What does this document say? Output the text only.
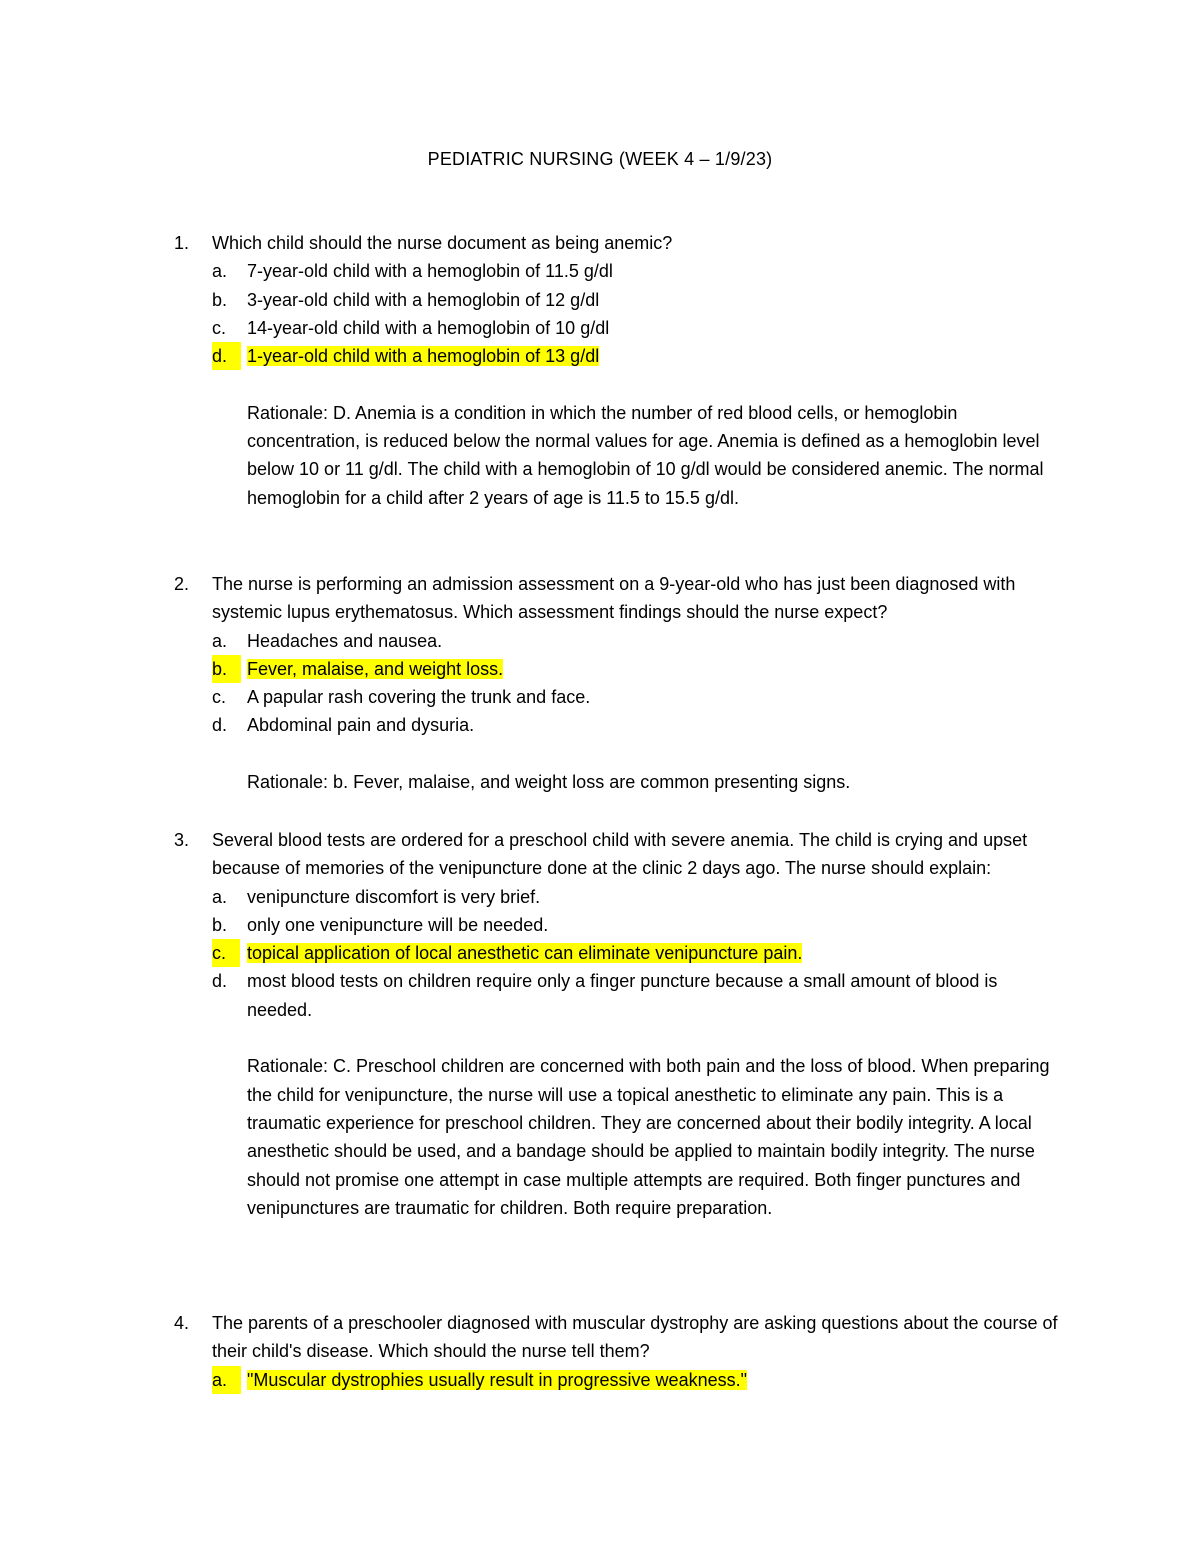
PEDIATRIC NURSING (WEEK 4 – 1/9/23)
1. Which child should the nurse document as being anemic?
a. 7-year-old child with a hemoglobin of 11.5 g/dl
b. 3-year-old child with a hemoglobin of 12 g/dl
c. 14-year-old child with a hemoglobin of 10 g/dl
d.	1-year-old child with a hemoglobin of 13 g/dl
Rationale: D. Anemia is a condition in which the number of red blood cells, or hemoglobin concentration, is reduced below the normal values for age. Anemia is defined as a hemoglobin level below 10 or 11 g/dl. The child with a hemoglobin of 10 g/dl would be considered anemic. The normal hemoglobin for a child after 2 years of age is 11.5 to 15.5 g/dl.
2. The nurse is performing an admission assessment on a 9-year-old who has just been diagnosed with systemic lupus erythematosus. Which assessment findings should the nurse expect?
a. Headaches and nausea.
b.	Fever, malaise, and weight loss.
c. A papular rash covering the trunk and face.
d. Abdominal pain and dysuria.
Rationale: b. Fever, malaise, and weight loss are common presenting signs.
3. Several blood tests are ordered for a preschool child with severe anemia. The child is crying and upset because of memories of the venipuncture done at the clinic 2 days ago. The nurse should explain:
a. venipuncture discomfort is very brief.
b. only one venipuncture will be needed.
c.	topical application of local anesthetic can eliminate venipuncture pain.
d. most blood tests on children require only a finger puncture because a small amount of blood is needed.
Rationale: C. Preschool children are concerned with both pain and the loss of blood. When preparing the child for venipuncture, the nurse will use a topical anesthetic to eliminate any pain. This is a traumatic experience for preschool children. They are concerned about their bodily integrity. A local anesthetic should be used, and a bandage should be applied to maintain bodily integrity. The nurse should not promise one attempt in case multiple attempts are required. Both finger punctures and venipunctures are traumatic for children. Both require preparation.
4. The parents of a preschooler diagnosed with muscular dystrophy are asking questions about the course of their child's disease. Which should the nurse tell them?
a.	"Muscular dystrophies usually result in progressive weakness."
